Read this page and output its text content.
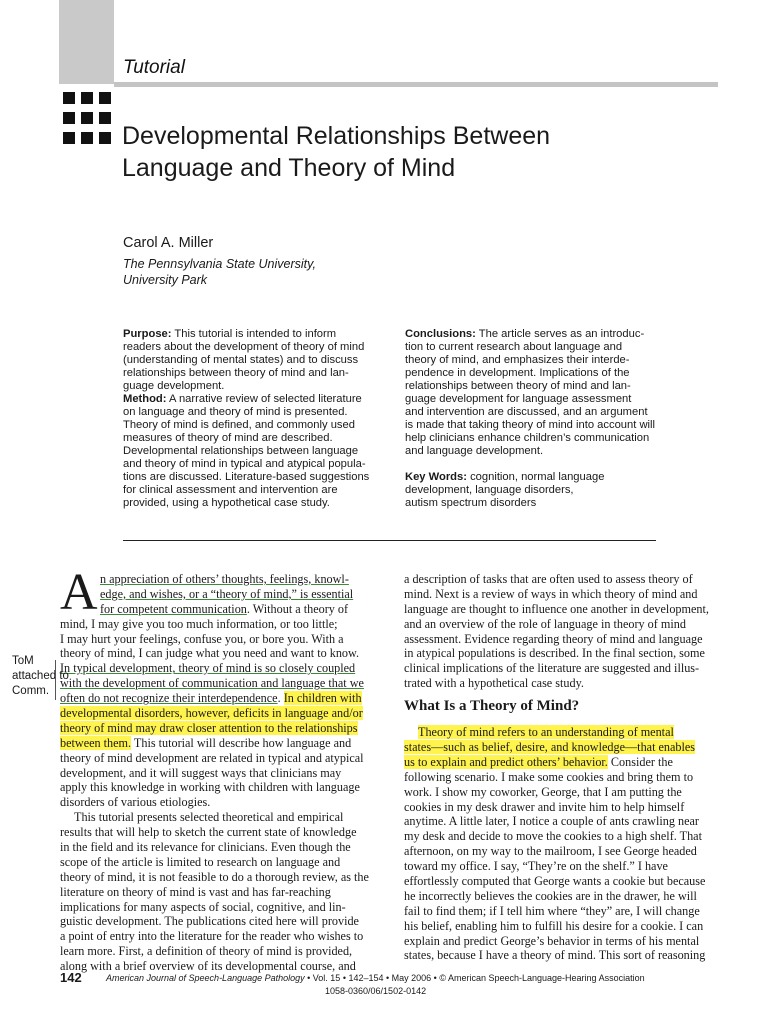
Tutorial
Developmental Relationships Between
Language and Theory of Mind
Carol A. Miller
The Pennsylvania State University,
University Park
Purpose: This tutorial is intended to inform
readers about the development of theory of mind
(understanding of mental states) and to discuss
relationships between theory of mind and lan-
guage development.
Method: A narrative review of selected literature
on language and theory of mind is presented.
Theory of mind is defined, and commonly used
measures of theory of mind are described.
Developmental relationships between language
and theory of mind in typical and atypical popula-
tions are discussed. Literature-based suggestions
for clinical assessment and intervention are
provided, using a hypothetical case study.
Conclusions: The article serves as an introduc-
tion to current research about language and
theory of mind, and emphasizes their interde-
pendence in development. Implications of the
relationships between theory of mind and lan-
guage development for language assessment
and intervention are discussed, and an argument
is made that taking theory of mind into account will
help clinicians enhance children’s communication
and language development.
Key Words: cognition, normal language
development, language disorders,
autism spectrum disorders
A n appreciation of others’ thoughts, feelings, knowl-
edge, and wishes, or a “theory of mind,” is essential
for competent communication. Without a theory of
mind, I may give you too much information, or too little;
I may hurt your feelings, confuse you, or bore you. With a
theory of mind, I can judge what you need and want to know.
In typical development, theory of mind is so closely coupled
with the development of communication and language that we
often do not recognize their interdependence. In children with
developmental disorders, however, deficits in language and/or
theory of mind may draw closer attention to the relationships
between them. This tutorial will describe how language and
theory of mind development are related in typical and atypical
development, and it will suggest ways that clinicians may
apply this knowledge in working with children with language
disorders of various etiologies.
This tutorial presents selected theoretical and empirical
results that will help to sketch the current state of knowledge
in the field and its relevance for clinicians. Even though the
scope of the article is limited to research on language and
theory of mind, it is not feasible to do a thorough review, as the
literature on theory of mind is vast and has far-reaching
implications for many aspects of social, cognitive, and lin-
guistic development. The publications cited here will provide
a point of entry into the literature for the reader who wishes to
learn more. First, a definition of theory of mind is provided,
along with a brief overview of its developmental course, and
a description of tasks that are often used to assess theory of
mind. Next is a review of ways in which theory of mind and
language are thought to influence one another in development,
and an overview of the role of language in theory of mind
assessment. Evidence regarding theory of mind and language
in atypical populations is described. In the final section, some
clinical implications of the literature are suggested and illus-
trated with a hypothetical case study.
What Is a Theory of Mind?
Theory of mind refers to an understanding of mental
states—such as belief, desire, and knowledge—that enables
us to explain and predict others’ behavior. Consider the
following scenario. I make some cookies and bring them to
work. I show my coworker, George, that I am putting the
cookies in my desk drawer and invite him to help himself
anytime. A little later, I notice a couple of ants crawling near
my desk and decide to move the cookies to a high shelf. That
afternoon, on my way to the mailroom, I see George headed
toward my office. I say, “They’re on the shelf.” I have
effortlessly computed that George wants a cookie but because
he incorrectly believes the cookies are in the drawer, he will
fail to find them; if I tell him where “they” are, I will change
his belief, enabling him to fulfill his desire for a cookie. I can
explain and predict George’s behavior in terms of his mental
states, because I have a theory of mind. This sort of reasoning
ToM
attached to
Comm.
142	American Journal of Speech-Language Pathology • Vol. 15 • 142–154 • May 2006 • © American Speech-Language-Hearing Association
1058-0360/06/1502-0142
